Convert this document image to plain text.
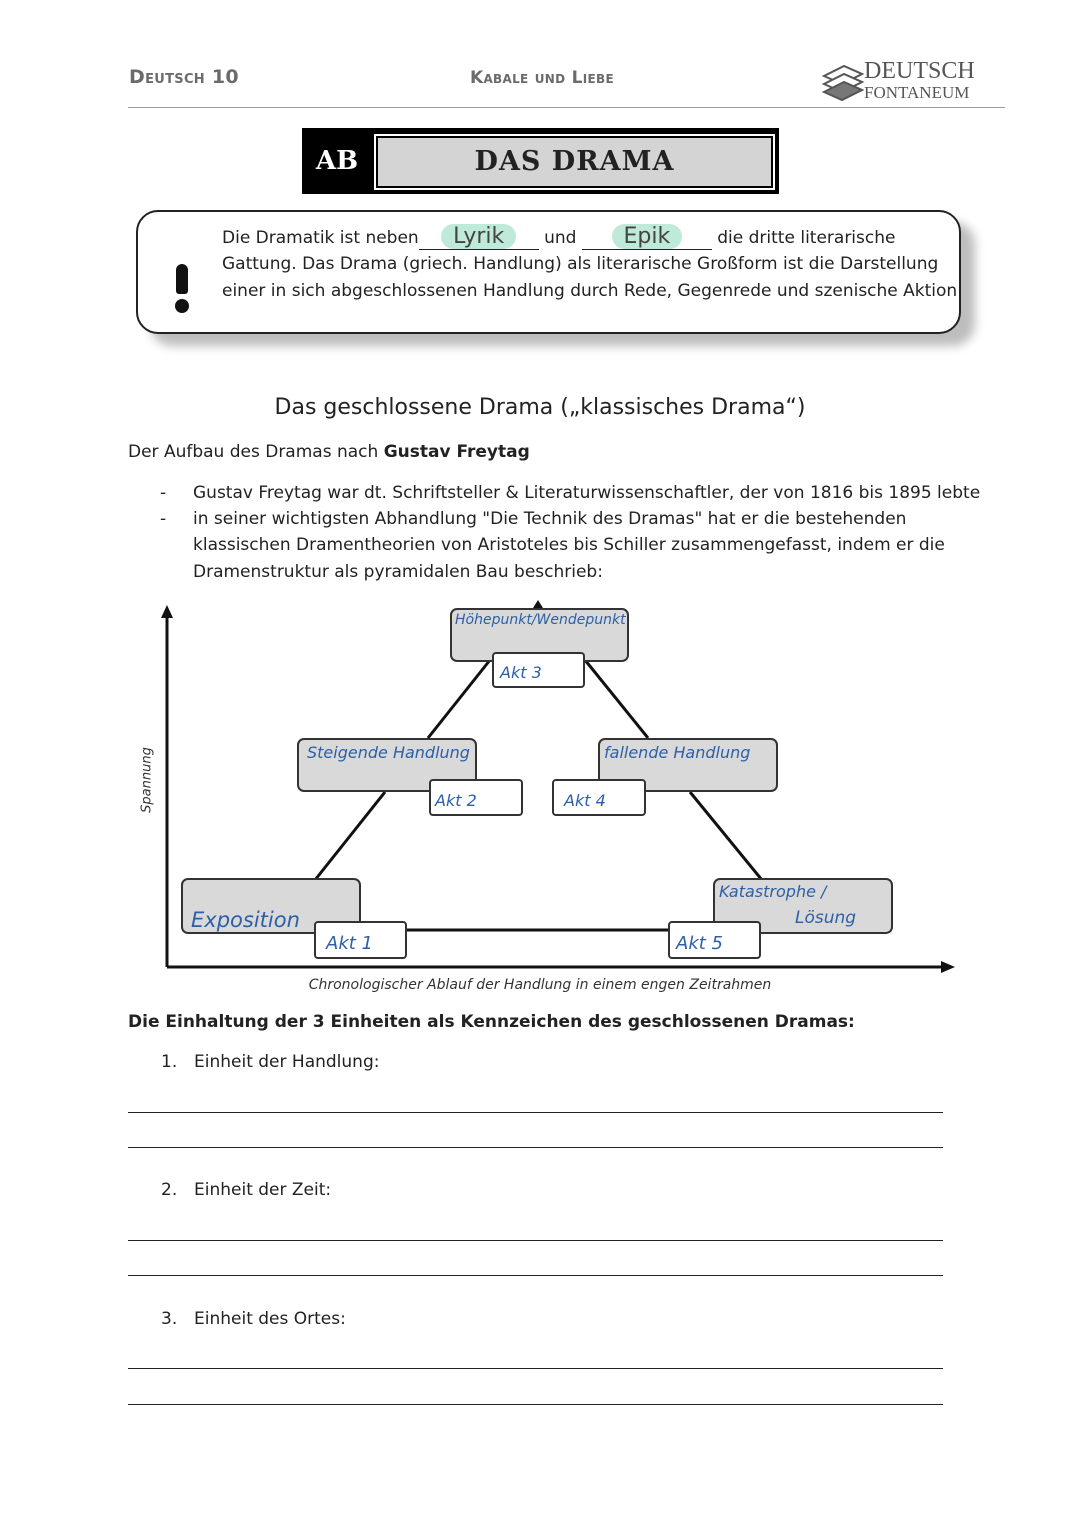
Deutsch 10	Kabale und Liebe	DEUTSCH
FONTANEUM
AB	DAS DRAMA
Die Dramatik ist neben Lyrik und Epik	die dritte literarische
Gattung. Das Drama (griech. Handlung) als literarische Großform ist die Darstellung
einer in sich abgeschlossenen Handlung durch Rede, Gegenrede und szenische Aktion.
Das geschlossene Drama („klassisches Drama“)
Der Aufbau des Dramas nach Gustav Freytag
- Gustav Freytag war dt. Schriftsteller & Literaturwissenschaftler, der von 1816 bis 1895 lebte
- in seiner wichtigsten Abhandlung "Die Technik des Dramas" hat er die bestehenden
klassischen Dramentheorien von Aristoteles bis Schiller zusammengefasst, indem er die
Dramenstruktur als pyramidalen Bau beschrieb:
Spannung
Höhepunkt/Wendepunkt
Akt 3
Steigende Handlung
Akt 2
fallende Handlung
Akt 4
Exposition
Akt 1
Katastrophe /
Lösung
Akt 5
Chronologischer Ablauf der Handlung in einem engen Zeitrahmen
Die Einhaltung der 3 Einheiten als Kennzeichen des geschlossenen Dramas:
1. Einheit der Handlung:
2. Einheit der Zeit:
3. Einheit des Ortes:
